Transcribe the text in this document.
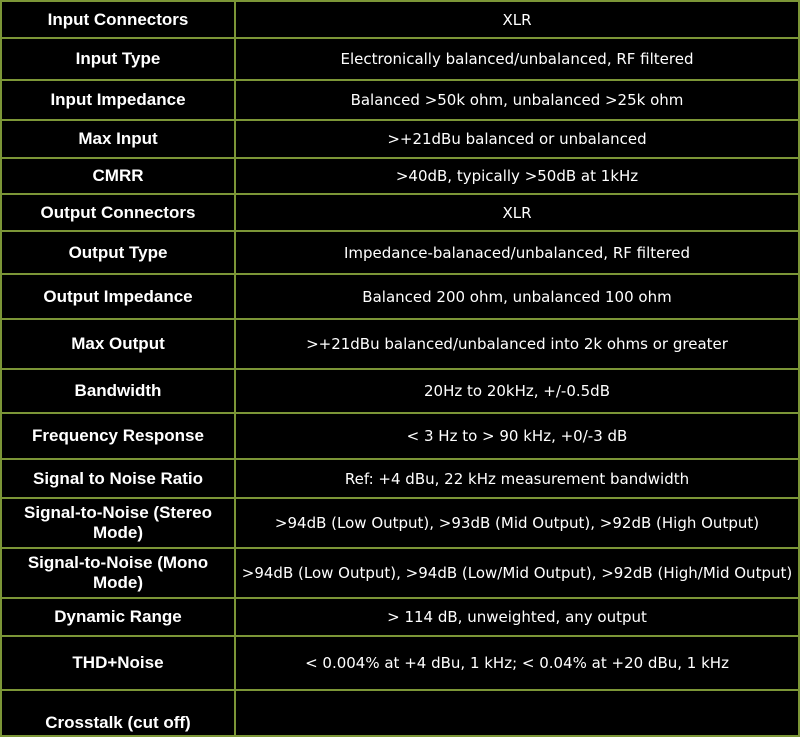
Input Connectors	XLR
Input Type	Electronically balanced/unbalanced, RF filtered
Input Impedance	Balanced >50k ohm, unbalanced >25k ohm
Max Input	>+21dBu balanced or unbalanced
CMRR	>40dB, typically >50dB at 1kHz
Output Connectors	XLR
Output Type	Impedance-balanaced/unbalanced, RF filtered
Output Impedance	Balanced 200 ohm, unbalanced 100 ohm
Max Output	>+21dBu balanced/unbalanced into 2k ohms or greater
Bandwidth	20Hz to 20kHz, +/-0.5dB
Frequency Response	< 3 Hz to > 90 kHz, +0/-3 dB
Signal to Noise Ratio	Ref: +4 dBu, 22 kHz measurement bandwidth
Signal-to-Noise (Stereo Mode)	>94dB (Low Output), >93dB (Mid Output), >92dB (High Output)
Signal-to-Noise (Mono Mode)	>94dB (Low Output), >94dB (Low/Mid Output), >92dB (High/Mid Output)
Dynamic Range	> 114 dB, unweighted, any output
THD+Noise	< 0.004% at +4 dBu, 1 kHz; < 0.04% at +20 dBu, 1 kHz
Crosstalk (cut off)	
